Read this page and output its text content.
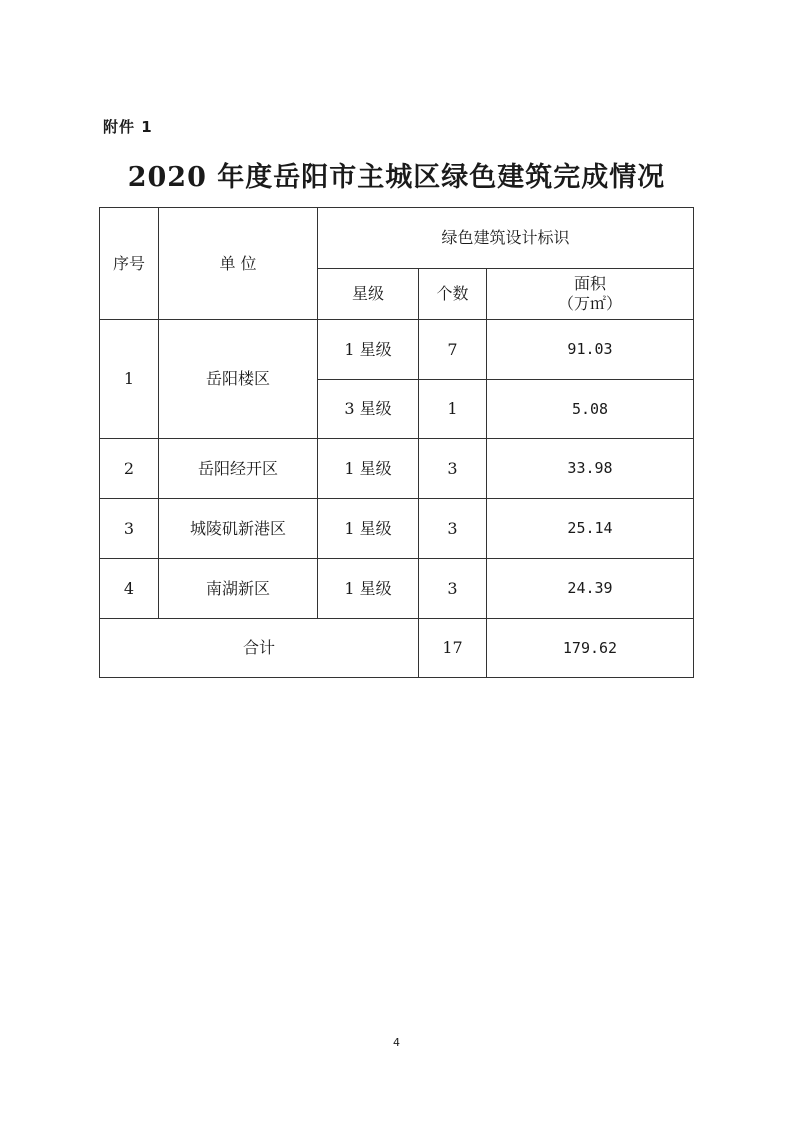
附件 1
2020 年度岳阳市主城区绿色建筑完成情况
序号	单 位	绿色建筑设计标识		
		星级	个数	面积
（万㎡）

1	岳阳楼区	1 星级	7	91.03
		3 星级	1	5.08
2	岳阳经开区	1 星级	3	33.98
3	城陵矶新港区	1 星级	3	25.14
4	南湖新区	1 星级	3	24.39
合计			17	179.62
4
